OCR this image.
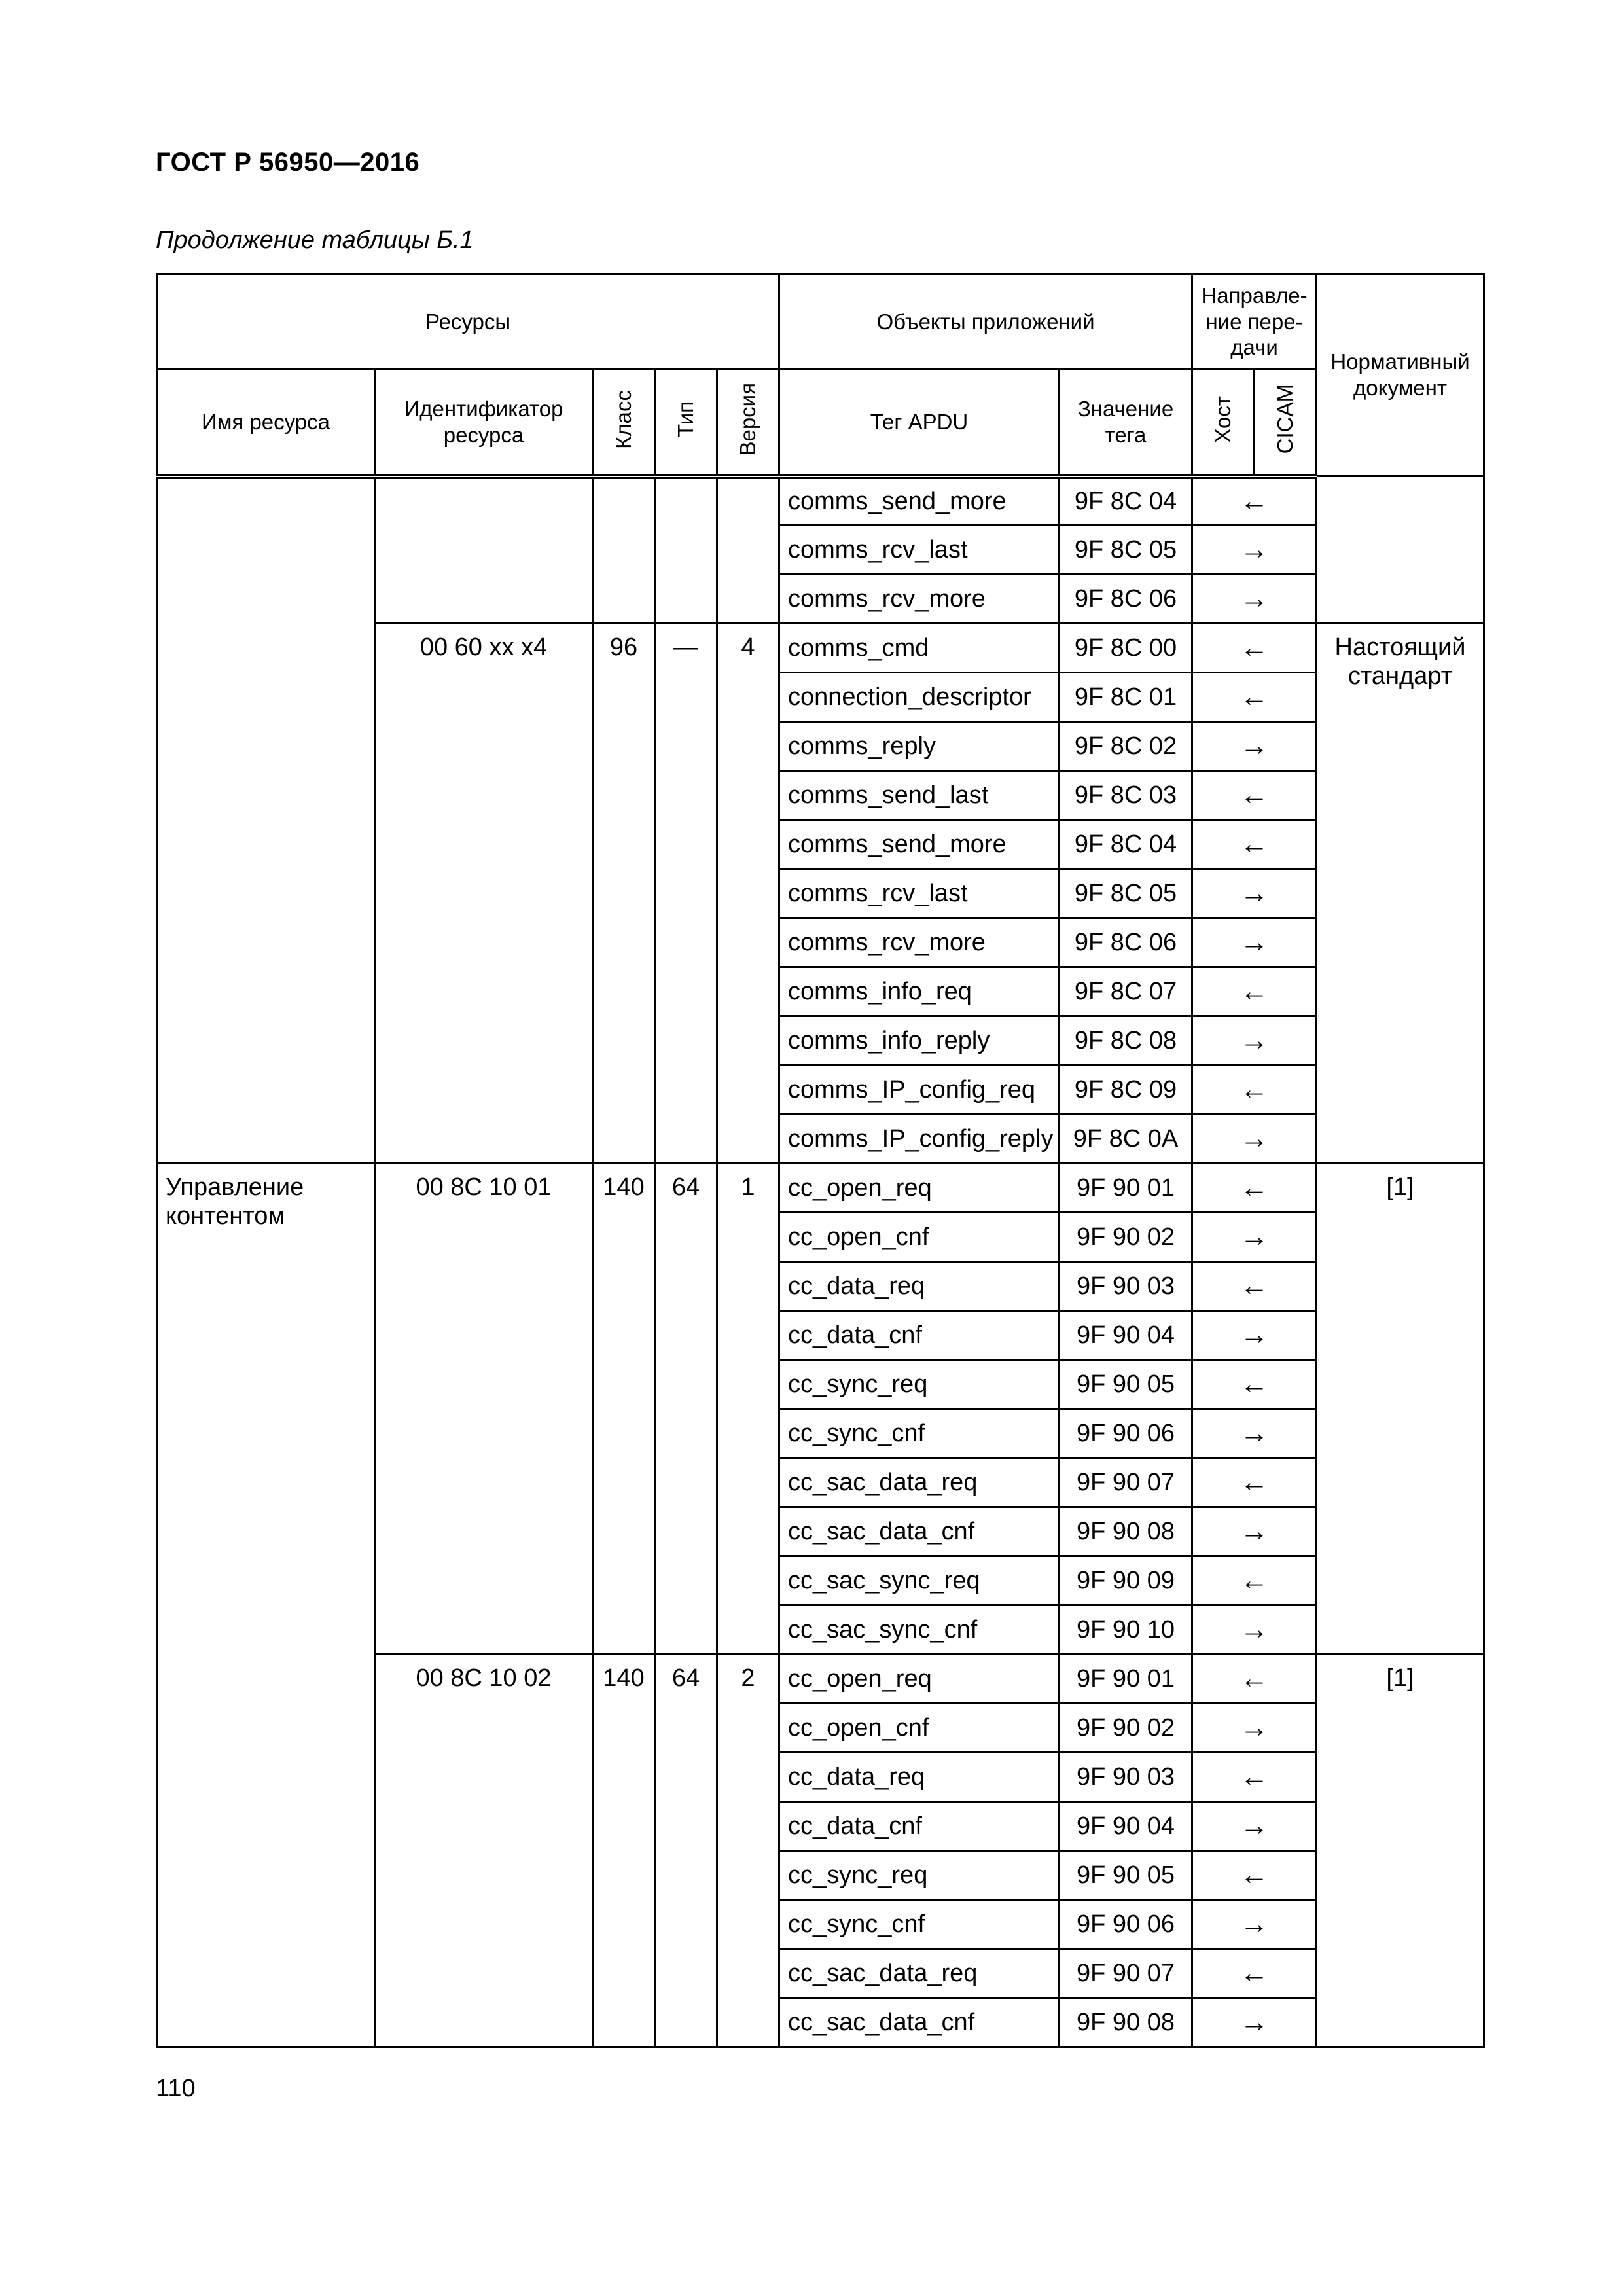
ГОСТ Р 56950—2016
Продолжение таблицы Б.1
Ресурсы					Объекты приложений		Направле-ние пере-дачи		Нормативный документ
Имя ресурса	Идентификатор ресурса	Класс	Тип	Версия	Тег APDU	Значение тега	Хост	CICAM	
					comms_send_more	9F 8C 04	←		
					comms_rcv_last	9F 8C 05	→		
					comms_rcv_more	9F 8C 06	→		
	00 60 xx x4	96	—	4	comms_cmd	9F 8C 00	←		Настоящий стандарт
					connection_descriptor	9F 8C 01	←		
					comms_reply	9F 8C 02	→		
					comms_send_last	9F 8C 03	←		
					comms_send_more	9F 8C 04	←		
					comms_rcv_last	9F 8C 05	→		
					comms_rcv_more	9F 8C 06	→		
					comms_info_req	9F 8C 07	←		
					comms_info_reply	9F 8C 08	→		
					comms_IP_config_req	9F 8C 09	←		
					comms_IP_config_reply	9F 8C 0A	→		
Управление контентом	00 8C 10 01	140	64	1	cc_open_req	9F 90 01	←		[1]
					cc_open_cnf	9F 90 02	→		
					cc_data_req	9F 90 03	←		
					cc_data_cnf	9F 90 04	→		
					cc_sync_req	9F 90 05	←		
					cc_sync_cnf	9F 90 06	→		
					cc_sac_data_req	9F 90 07	←		
					cc_sac_data_cnf	9F 90 08	→		
					cc_sac_sync_req	9F 90 09	←		
					cc_sac_sync_cnf	9F 90 10	→		
	00 8C 10 02	140	64	2	cc_open_req	9F 90 01	←		[1]
					cc_open_cnf	9F 90 02	→		
					cc_data_req	9F 90 03	←		
					cc_data_cnf	9F 90 04	→		
					cc_sync_req	9F 90 05	←		
					cc_sync_cnf	9F 90 06	→		
					cc_sac_data_req	9F 90 07	←		
					cc_sac_data_cnf	9F 90 08	→		
110
